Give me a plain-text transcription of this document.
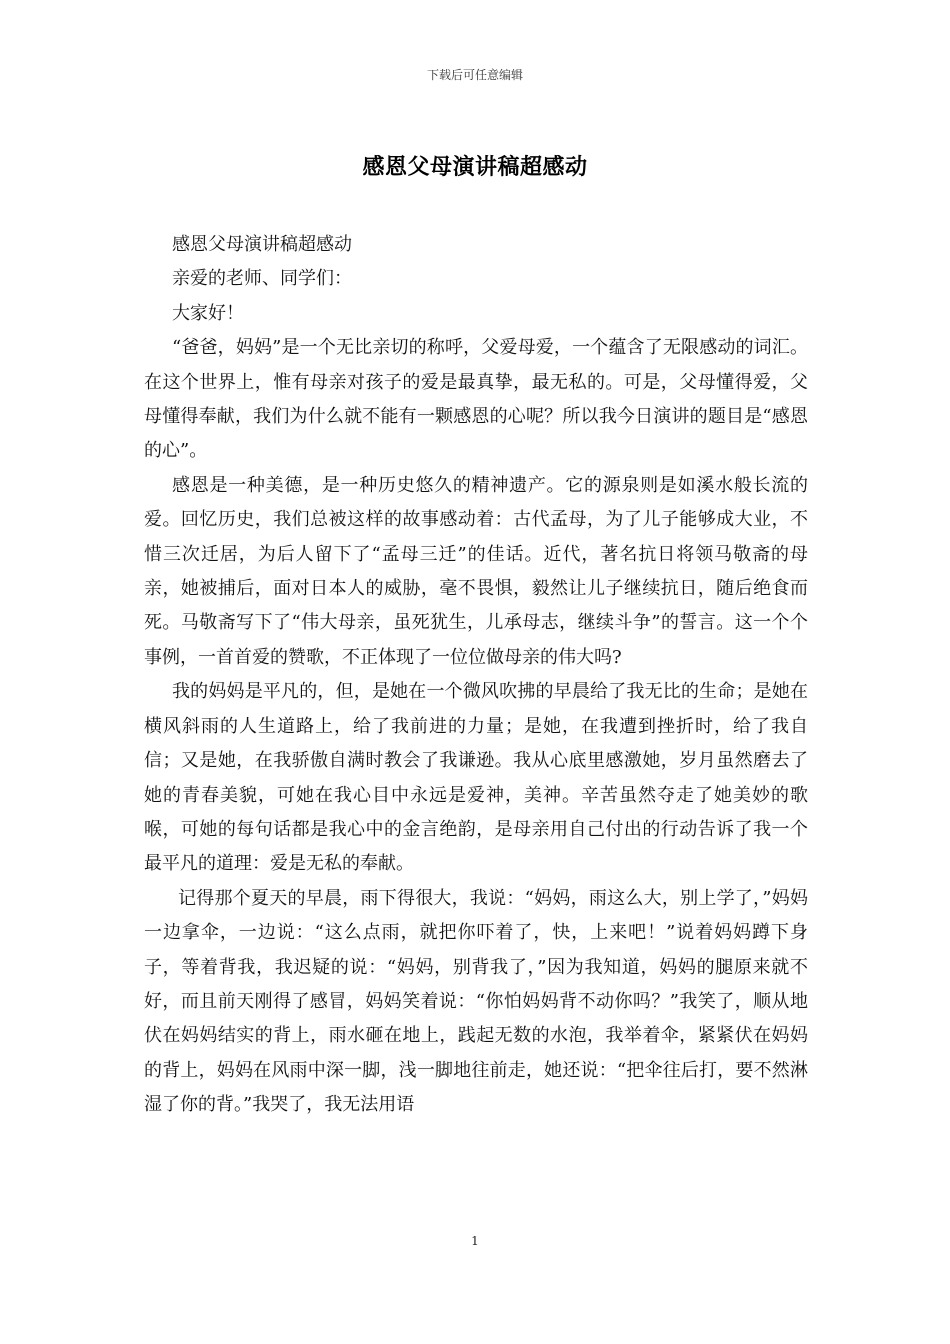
下载后可任意编辑
感恩父母演讲稿超感动

感恩父母演讲稿超感动

亲爱的老师、同学们：

大家好！

“爸爸，妈妈”是一个无比亲切的称呼，父爱母爱，一个蕴含了无限感动的词汇。在这个世界上，惟有母亲对孩子的爱是最真挚，最无私的。可是，父母懂得爱，父母懂得奉献，我们为什么就不能有一颗感恩的心呢？所以我今日演讲的题目是“感恩的心”。

感恩是一种美德，是一种历史悠久的精神遗产。它的源泉则是如溪水般长流的爱。回忆历史，我们总被这样的故事感动着：古代孟母，为了儿子能够成大业，不惜三次迁居，为后人留下了“孟母三迁”的佳话。近代，著名抗日将领马敬斋的母亲，她被捕后，面对日本人的威胁，毫不畏惧，毅然让儿子继续抗日，随后绝食而死。马敬斋写下了“伟大母亲，虽死犹生，儿承母志，继续斗争”的誓言。这一个个事例，一首首爱的赞歌，不正体现了一位位做母亲的伟大吗?

我的妈妈是平凡的，但，是她在一个微风吹拂的早晨给了我无比的生命；是她在横风斜雨的人生道路上，给了我前进的力量；是她，在我遭到挫折时，给了我自信；又是她，在我骄傲自满时教会了我谦逊。我从心底里感激她，岁月虽然磨去了她的青春美貌，可她在我心目中永远是爱神，美神。辛苦虽然夺走了她美妙的歌喉，可她的每句话都是我心中的金言绝韵，是母亲用自己付出的行动告诉了我一个最平凡的道理：爱是无私的奉献。

记得那个夏天的早晨，雨下得很大，我说：“妈妈，雨这么大，别上学了，”妈妈一边拿伞，一边说：“这么点雨，就把你吓着了，快，上来吧！”说着妈妈蹲下身子，等着背我，我迟疑的说：“妈妈，别背我了，”因为我知道，妈妈的腿原来就不好，而且前天刚得了感冒，妈妈笑着说：“你怕妈妈背不动你吗？”我笑了，顺从地伏在妈妈结实的背上，雨水砸在地上，践起无数的水泡，我举着伞，紧紧伏在妈妈的背上，妈妈在风雨中深一脚，浅一脚地往前走，她还说：“把伞往后打，要不然淋湿了你的背。”我哭了，我无法用语

1
